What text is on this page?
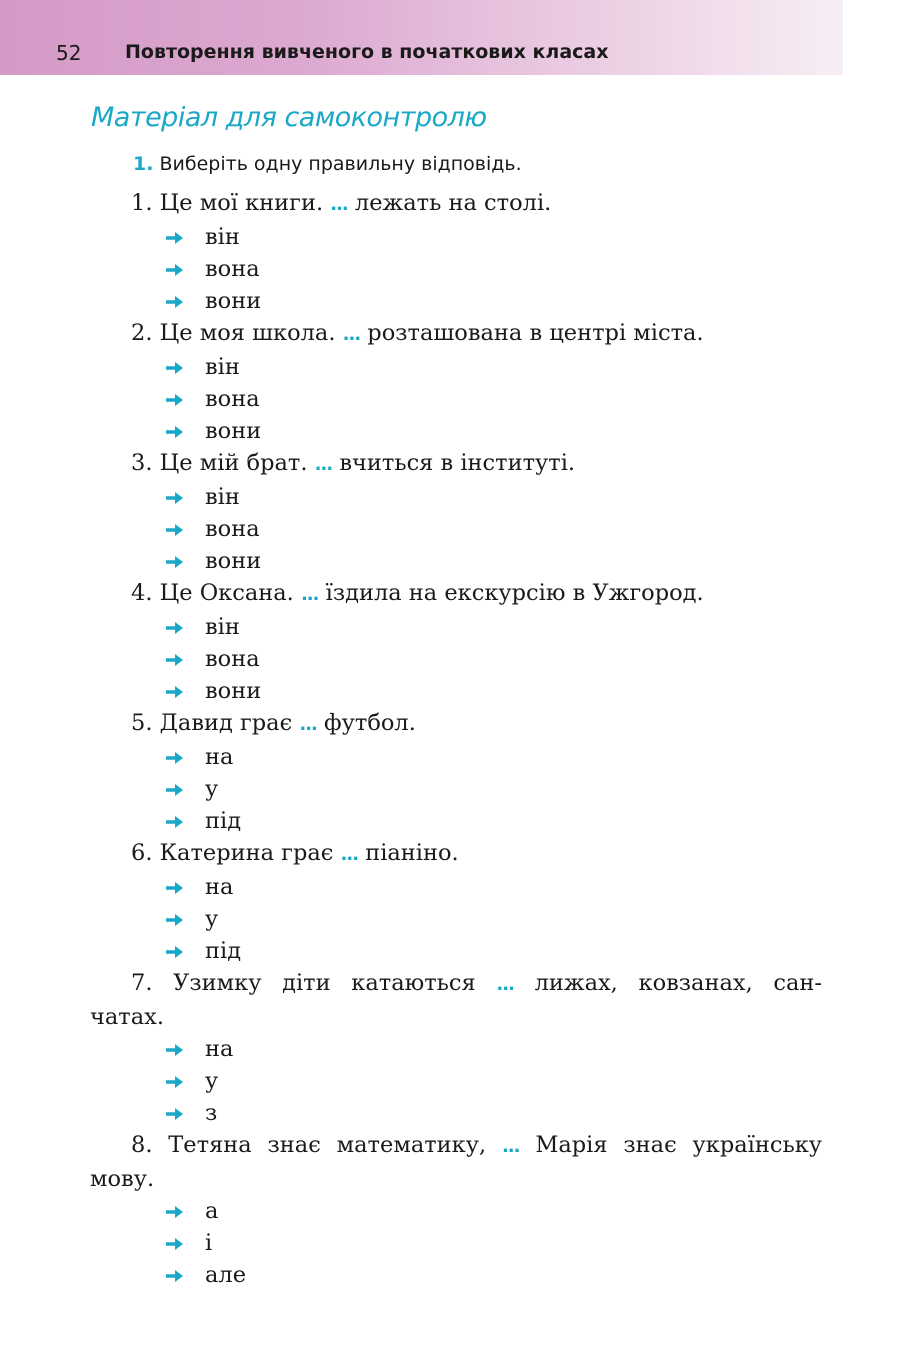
52 Повторення вивченого в початкових класах
Матеріал для самоконтролю
1. Виберіть одну правильну відповідь.
1. Це мої книги. ... лежать на столі.
він
вона
вони
2. Це моя школа. ... розташована в центрі міста.
він
вона
вони
3. Це мій брат. ... вчиться в інституті.
він
вона
вони
4. Це Оксана. ... їздила на екскурсію в Ужгород.
він
вона
вони
5. Давид грає ... футбол.
на
у
під
6. Катерина грає ... піаніно.
на
у
під
7. Узимку діти катаються ... лижах, ковзанах, сан-
чатах.
на
у
з
8. Тетяна знає математику, ... Марія знає українську
мову.
а
і
але
